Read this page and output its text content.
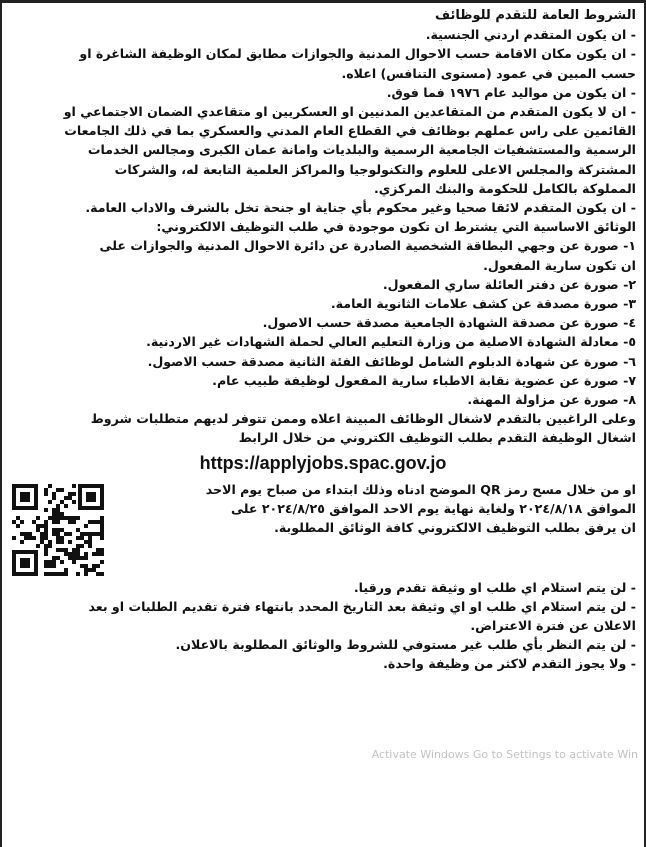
الشروط العامة للتقدم للوظائف
- ان يكون المتقدم اردني الجنسية.
- ان يكون مكان الاقامة حسب الاحوال المدنية والجوازات مطابق لمكان الوظيفة الشاغرة او
حسب المبين في عمود (مستوى التنافس) اعلاه.
- ان يكون من مواليد عام ١٩٧٦ فما فوق.
- ان لا يكون المتقدم من المتقاعدين المدنيين او العسكريين او متقاعدي الضمان الاجتماعي او
القائمين على راس عملهم بوظائف في القطاع العام المدني والعسكري بما في ذلك الجامعات
الرسمية والمستشفيات الجامعية الرسمية والبلديات وامانة عمان الكبرى ومجالس الخدمات
المشتركة والمجلس الاعلى للعلوم والتكنولوجيا والمراكز العلمية التابعة له، والشركات
المملوكة بالكامل للحكومة والبنك المركزي.
- ان يكون المتقدم لائقا صحيا وغير محكوم بأي جناية او جنحة تخل بالشرف والاداب العامة.
الوثائق الاساسية التي يشترط ان تكون موجودة في طلب التوظيف الالكتروني:
١- صورة عن وجهي البطاقة الشخصية الصادرة عن دائرة الاحوال المدنية والجوازات على
ان تكون سارية المفعول.
٢- صورة عن دفتر العائلة ساري المفعول.
٣- صورة مصدقة عن كشف علامات الثانوية العامة.
٤- صورة عن مصدقة الشهادة الجامعية مصدقة حسب الاصول.
٥- معادلة الشهادة الاصلية من وزارة التعليم العالي لحملة الشهادات غير الاردنية.
٦- صورة عن شهادة الدبلوم الشامل لوظائف الفئة الثانية مصدقة حسب الاصول.
٧- صورة عن عضوية نقابة الاطباء سارية المفعول لوظيفة طبيب عام.
٨- صورة عن مزاولة المهنة.
وعلى الراغبين بالتقدم لاشغال الوظائف المبينة اعلاه وممن تتوفر لديهم متطلبات شروط
اشغال الوظيفة التقدم بطلب التوظيف الكتروني من خلال الرابط
https://applyjobs.spac.gov.jo
او من خلال مسح رمز QR الموضح ادناه وذلك ابتداء من صباح يوم الاحد
الموافق ٢٠٢٤/٨/١٨ ولغاية نهاية يوم الاحد الموافق ٢٠٢٤/٨/٢٥ على
ان يرفق بطلب التوظيف الالكتروني كافة الوثائق المطلوبة.
- لن يتم استلام اي طلب او وثيقة تقدم ورقيا.
- لن يتم استلام اي طلب او اي وثيقة بعد التاريخ المحدد بانتهاء فترة تقديم الطلبات او بعد
الاعلان عن فترة الاعتراض.
- لن يتم النظر بأي طلب غير مستوفي للشروط والوثائق المطلوبة بالاعلان.
- ولا يجوز التقدم لاكثر من وظيفة واحدة.
Activate Windows Go to Settings to activate Win
